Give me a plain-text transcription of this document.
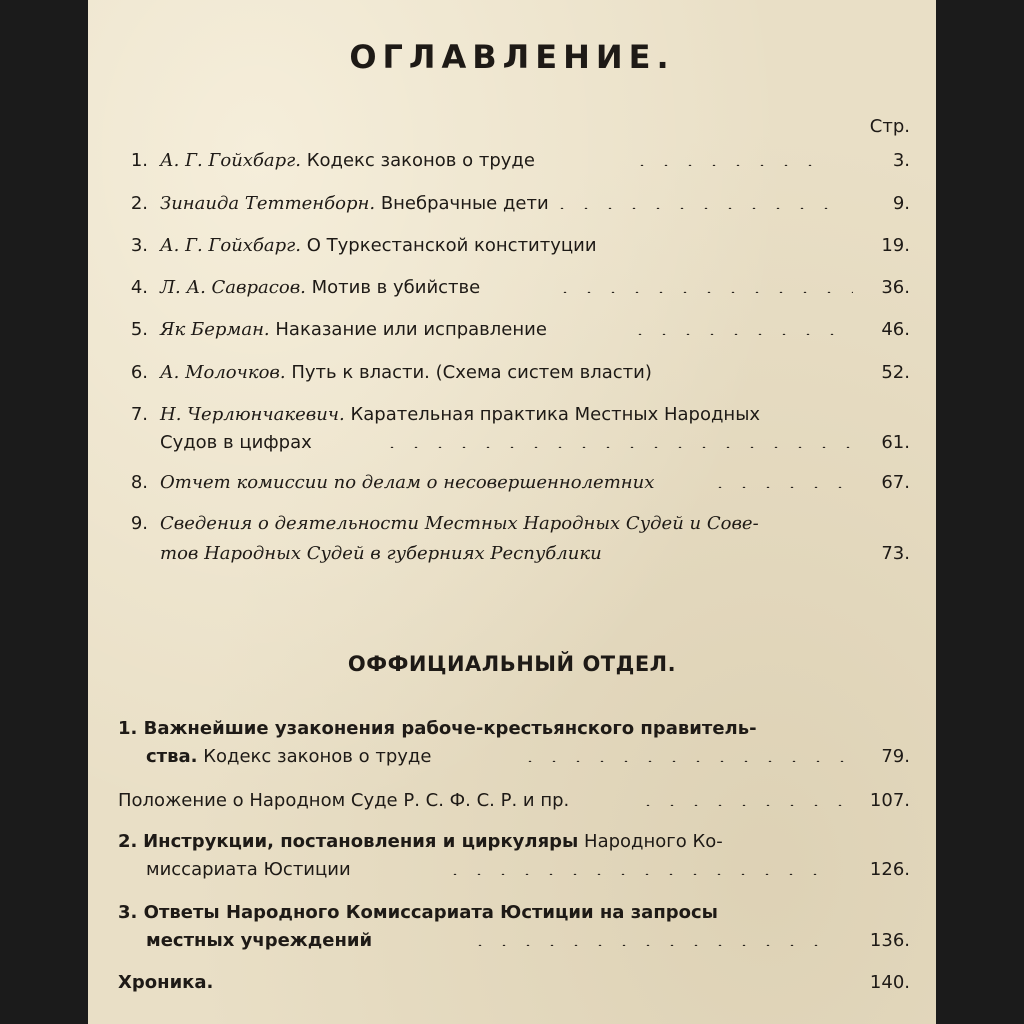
ОГЛАВЛЕНИЕ.
Стр.
1. А. Г. Гойхбарг. Кодекс законов о труде	3.
2. Зинаида Теттенборн. Внебрачные дети	9.
3. А. Г. Гойхбарг. О Туркестанской конституции	19.
4. Л. А. Саврасов. Мотив в убийстве	36.
5. Як Берман. Наказание или исправление	46.
6. А. Молочков. Путь к власти. (Схема систем власти)	52.
7. Н. Черлюнчакевич. Карательная практика Местных Народных
Судов в цифрах	61.
8. Отчет комиссии по делам о несовершеннолетних	67.
9. Сведения о деятельности Местных Народных Судей и Сове-
тов Народных Судей в губерниях Республики	73.
ОФФИЦИАЛЬНЫЙ ОТДЕЛ.
1. Важнейшие узаконения рабоче-крестьянского правитель-
ства. Кодекс законов о труде	79.
Положение о Народном Суде Р. С. Ф. С. Р. и пр.	107.
2. Инструкции, постановления и циркуляры Народного Ко-
миссариата Юстиции	126.
3. Ответы Народного Комиссариата Юстиции на запросы
местных учреждений	136.
Хроника.	140.
